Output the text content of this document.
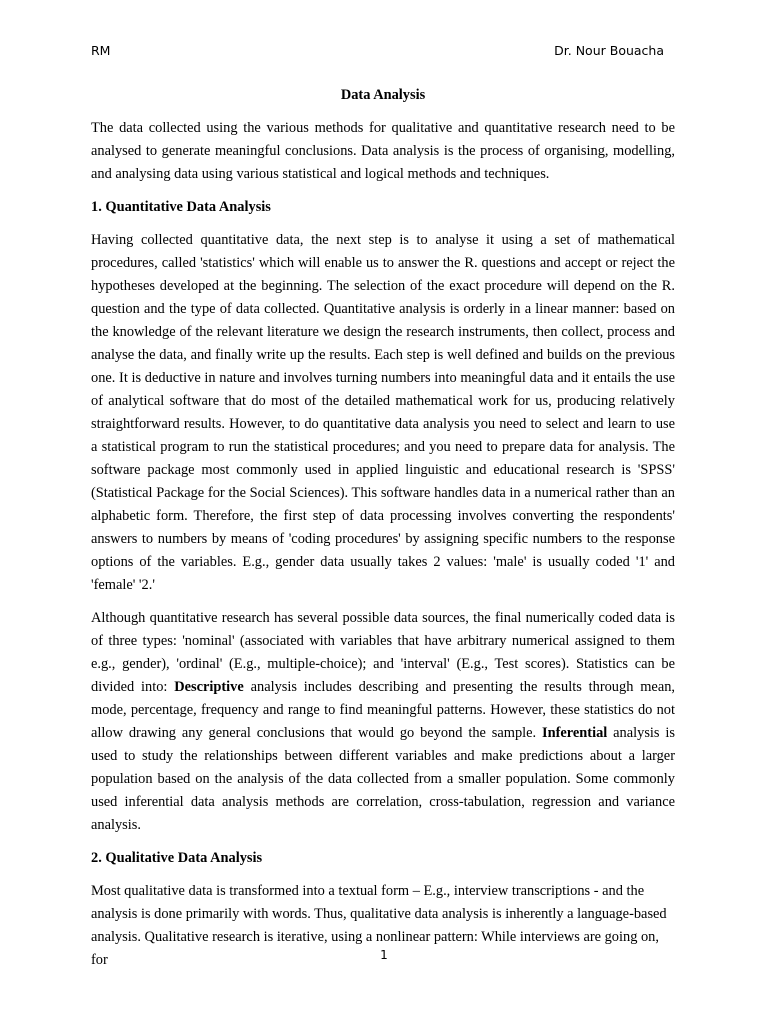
RM	Dr. Nour Bouacha
Data Analysis

The data collected using the various methods for qualitative and quantitative research need to be analysed to generate meaningful conclusions. Data analysis is the process of organising, modelling, and analysing data using various statistical and logical methods and techniques.

1. Quantitative Data Analysis

Having collected quantitative data, the next step is to analyse it using a set of mathematical procedures, called 'statistics' which will enable us to answer the R. questions and accept or reject the hypotheses developed at the beginning. The selection of the exact procedure will depend on the R. question and the type of data collected. Quantitative analysis is orderly in a linear manner: based on the knowledge of the relevant literature we design the research instruments, then collect, process and analyse the data, and finally write up the results. Each step is well defined and builds on the previous one. It is deductive in nature and involves turning numbers into meaningful data and it entails the use of analytical software that do most of the detailed mathematical work for us, producing relatively straightforward results. However, to do quantitative data analysis you need to select and learn to use a statistical program to run the statistical procedures; and you need to prepare data for analysis. The software package most commonly used in applied linguistic and educational research is 'SPSS' (Statistical Package for the Social Sciences). This software handles data in a numerical rather than an alphabetic form. Therefore, the first step of data processing involves converting the respondents' answers to numbers by means of 'coding procedures' by assigning specific numbers to the response options of the variables. E.g., gender data usually takes 2 values: 'male' is usually coded '1' and 'female' '2.'

Although quantitative research has several possible data sources, the final numerically coded data is of three types: 'nominal' (associated with variables that have arbitrary numerical assigned to them e.g., gender), 'ordinal' (E.g., multiple-choice); and 'interval' (E.g., Test scores). Statistics can be divided into: Descriptive analysis includes describing and presenting the results through mean, mode, percentage, frequency and range to find meaningful patterns. However, these statistics do not allow drawing any general conclusions that would go beyond the sample. Inferential analysis is used to study the relationships between different variables and make predictions about a larger population based on the analysis of the data collected from a smaller population. Some commonly used inferential data analysis methods are correlation, cross-tabulation, regression and variance analysis.

2. Qualitative Data Analysis

Most qualitative data is transformed into a textual form – E.g., interview transcriptions - and the analysis is done primarily with words. Thus, qualitative data analysis is inherently a language-based analysis. Qualitative research is iterative, using a nonlinear pattern: While interviews are going on, for	1
